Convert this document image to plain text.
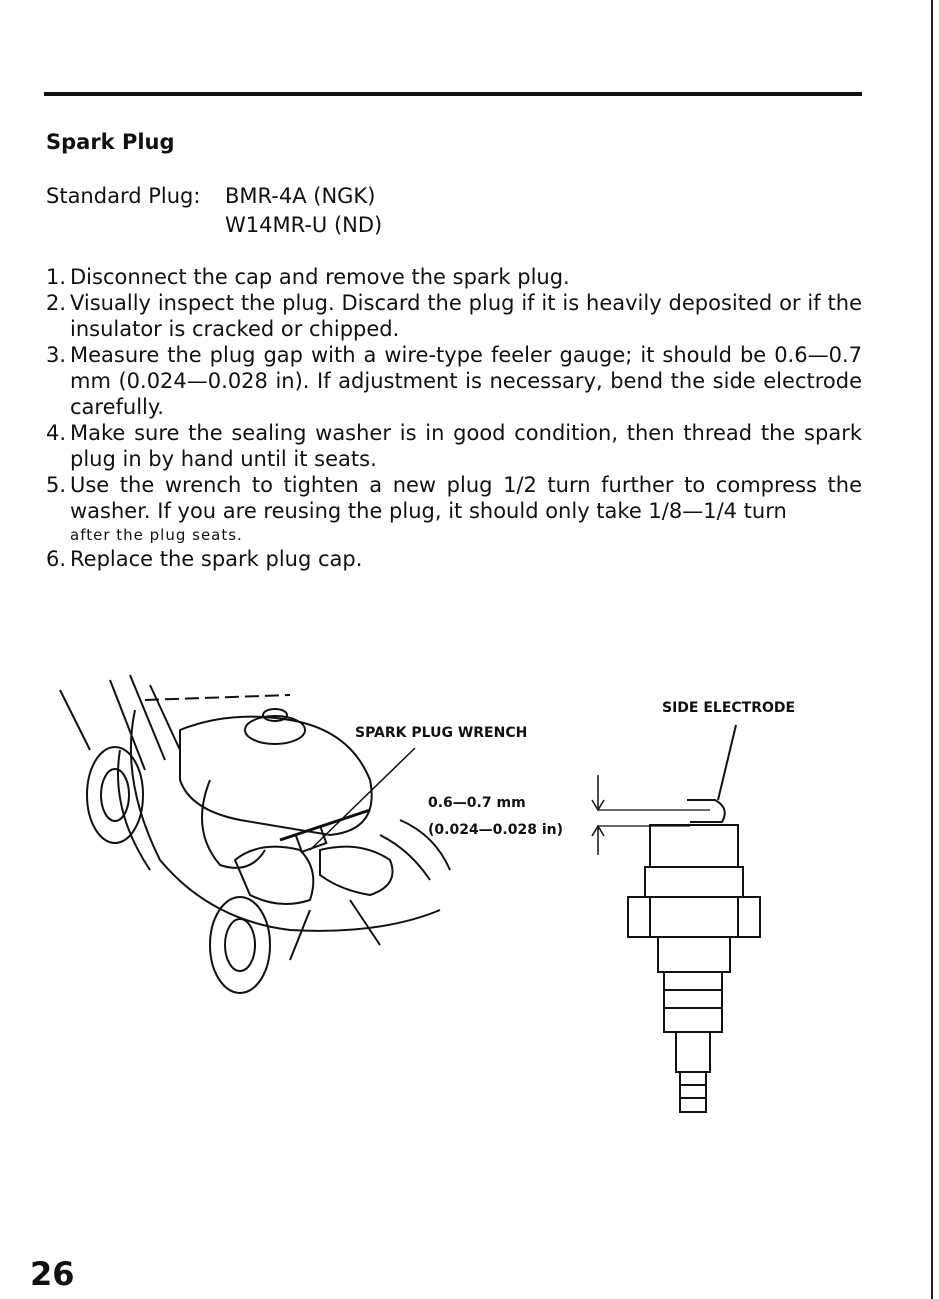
Spark Plug
Standard Plug: BMR-4A (NGK)
W14MR-U (ND)

1. Disconnect the cap and remove the spark plug.

2. Visually inspect the plug. Discard the plug if it is heavily deposited or if the insulator is cracked or chipped.

3. Measure the plug gap with a wire-type feeler gauge; it should be 0.6—0.7 mm (0.024—0.028 in). If adjustment is necessary, bend the side electrode carefully.

4. Make sure the sealing washer is in good condition, then thread the spark plug in by hand until it seats.

5. Use the wrench to tighten a new plug 1/2 turn further to compress the washer. If you are reusing the plug, it should only take 1/8—1/4 turn
after the plug seats.

6. Replace the spark plug cap.

SPARK PLUG WRENCH
SIDE ELECTRODE
0.6—0.7 mm
(0.024—0.028 in)
26
